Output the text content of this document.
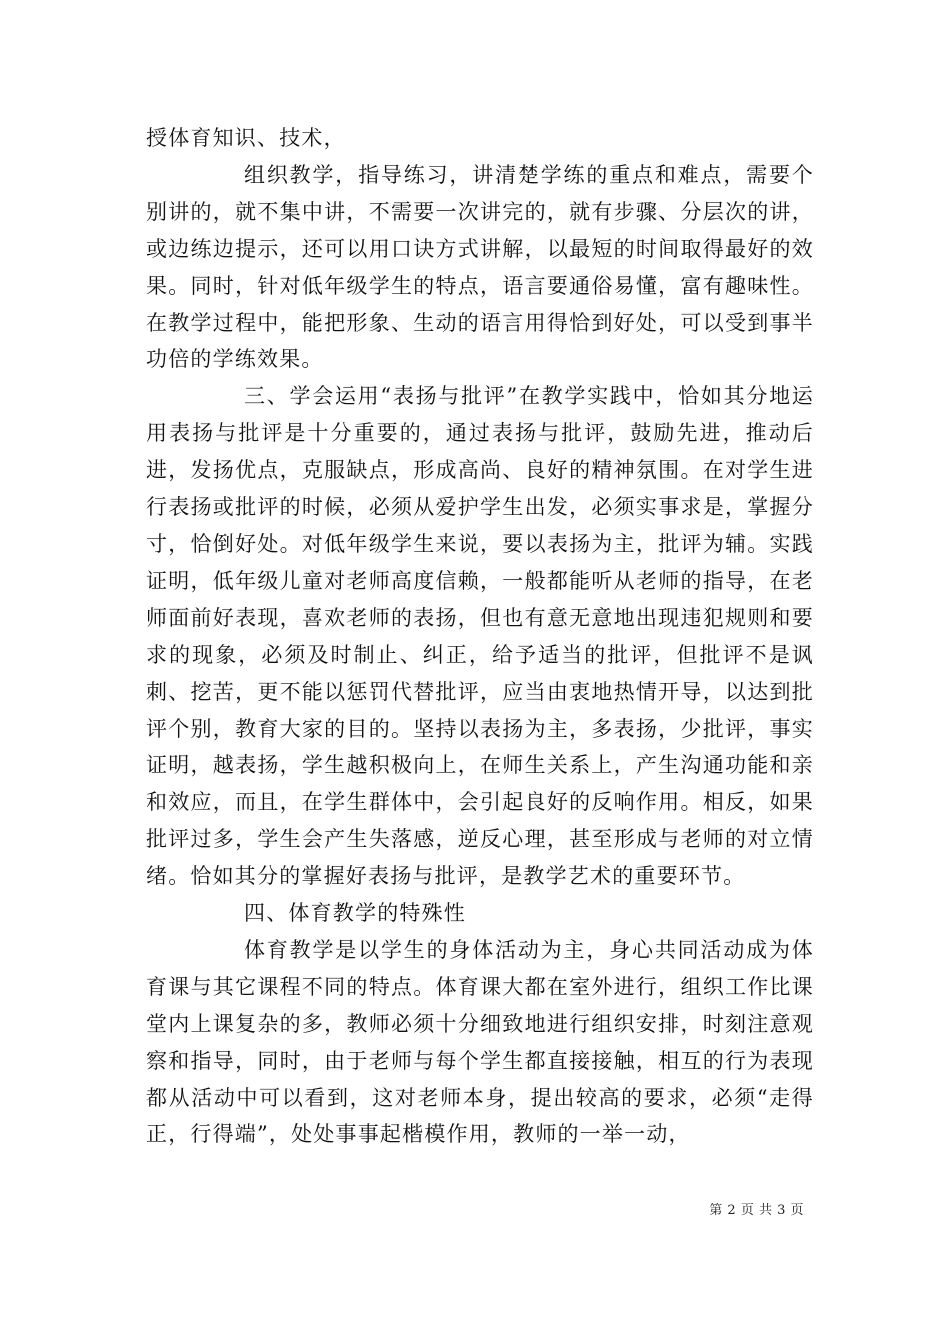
授体育知识、技术，

组织教学，指导练习，讲清楚学练的重点和难点，需要个别讲的，就不集中讲，不需要一次讲完的，就有步骤、分层次的讲，或边练边提示，还可以用口诀方式讲解，以最短的时间取得最好的效果。同时，针对低年级学生的特点，语言要通俗易懂，富有趣味性。在教学过程中，能把形象、生动的语言用得恰到好处，可以受到事半功倍的学练效果。

三、学会运用“表扬与批评”在教学实践中，恰如其分地运用表扬与批评是十分重要的，通过表扬与批评，鼓励先进，推动后进，发扬优点，克服缺点，形成高尚、良好的精神氛围。在对学生进行表扬或批评的时候，必须从爱护学生出发，必须实事求是，掌握分寸，恰倒好处。对低年级学生来说，要以表扬为主，批评为辅。实践证明，低年级儿童对老师高度信赖，一般都能听从老师的指导，在老师面前好表现，喜欢老师的表扬，但也有意无意地出现违犯规则和要求的现象，必须及时制止、纠正，给予适当的批评，但批评不是讽刺、挖苦，更不能以惩罚代替批评，应当由衷地热情开导，以达到批评个别，教育大家的目的。坚持以表扬为主，多表扬，少批评，事实证明，越表扬，学生越积极向上，在师生关系上，产生沟通功能和亲和效应，而且，在学生群体中，会引起良好的反响作用。相反，如果批评过多，学生会产生失落感，逆反心理，甚至形成与老师的对立情绪。恰如其分的掌握好表扬与批评，是教学艺术的重要环节。

四、体育教学的特殊性

体育教学是以学生的身体活动为主，身心共同活动成为体育课与其它课程不同的特点。体育课大都在室外进行，组织工作比课堂内上课复杂的多，教师必须十分细致地进行组织安排，时刻注意观察和指导，同时，由于老师与每个学生都直接接触，相互的行为表现都从活动中可以看到，这对老师本身，提出较高的要求，必须“走得正，行得端”，处处事事起楷模作用，教师的一举一动，

第 2 页 共 3 页
